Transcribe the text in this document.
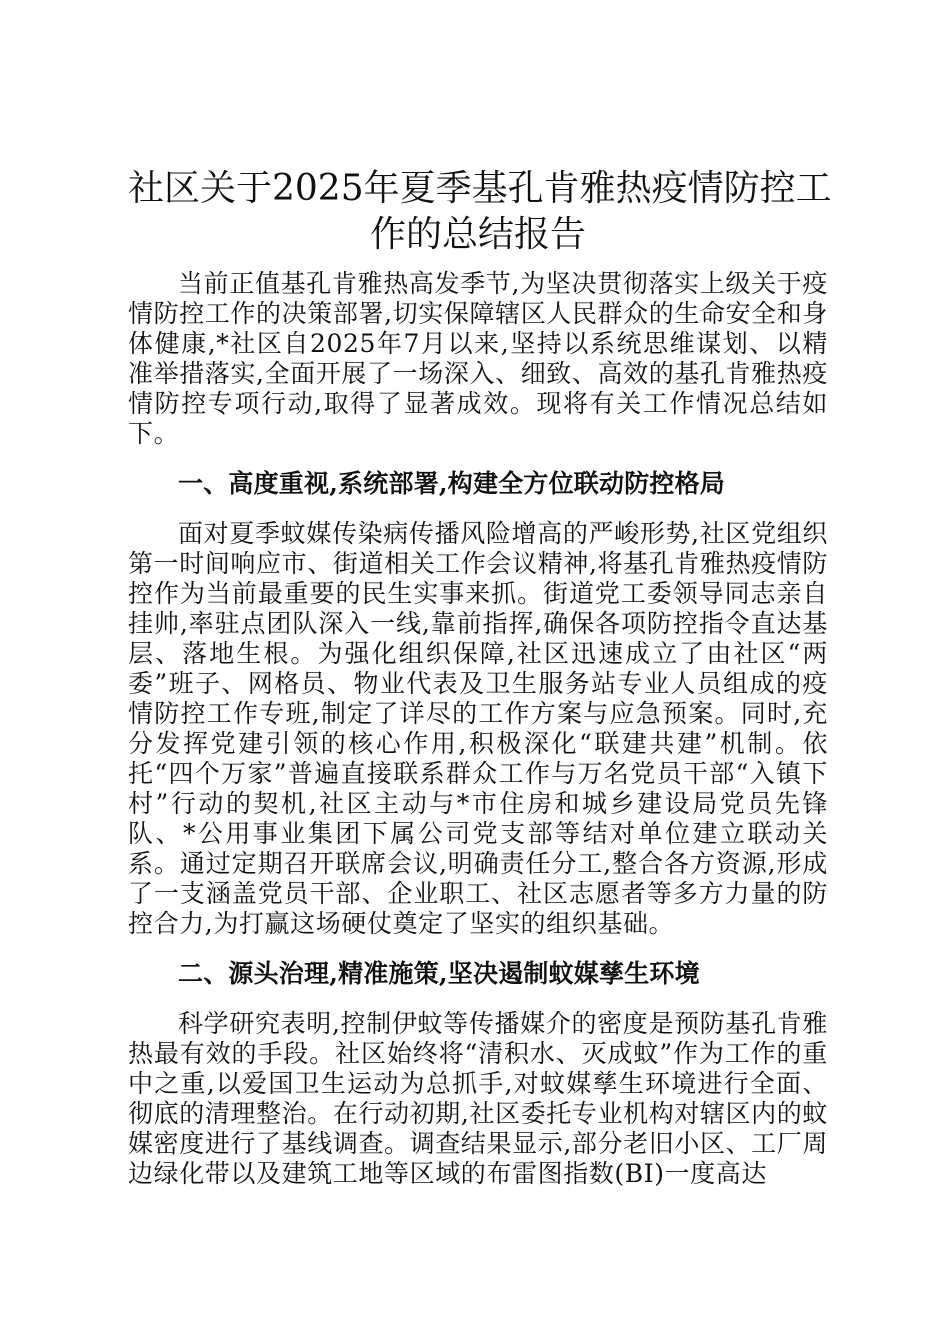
社区关于2025年夏季基孔肯雅热疫情防控工
作的总结报告

当前正值基孔肯雅热高发季节,为坚决贯彻落实上级关于疫情防控工作的决策部署,切实保障辖区人民群众的生命安全和身体健康,*社区自2025年7月以来,坚持以系统思维谋划、以精准举措落实,全面开展了一场深入、细致、高效的基孔肯雅热疫情防控专项行动,取得了显著成效。现将有关工作情况总结如下。

一、高度重视,系统部署,构建全方位联动防控格局

面对夏季蚊媒传染病传播风险增高的严峻形势,社区党组织第一时间响应市、街道相关工作会议精神,将基孔肯雅热疫情防控作为当前最重要的民生实事来抓。街道党工委领导同志亲自挂帅,率驻点团队深入一线,靠前指挥,确保各项防控指令直达基层、落地生根。为强化组织保障,社区迅速成立了由社区“两委”班子、网格员、物业代表及卫生服务站专业人员组成的疫情防控工作专班,制定了详尽的工作方案与应急预案。同时,充分发挥党建引领的核心作用,积极深化“联建共建”机制。依托“四个万家”普遍直接联系群众工作与万名党员干部“入镇下村”行动的契机,社区主动与*市住房和城乡建设局党员先锋队、*公用事业集团下属公司党支部等结对单位建立联动关系。通过定期召开联席会议,明确责任分工,整合各方资源,形成了一支涵盖党员干部、企业职工、社区志愿者等多方力量的防控合力,为打赢这场硬仗奠定了坚实的组织基础。

二、源头治理,精准施策,坚决遏制蚊媒孳生环境

科学研究表明,控制伊蚊等传播媒介的密度是预防基孔肯雅热最有效的手段。社区始终将“清积水、灭成蚊”作为工作的重中之重,以爱国卫生运动为总抓手,对蚊媒孳生环境进行全面、彻底的清理整治。在行动初期,社区委托专业机构对辖区内的蚊媒密度进行了基线调查。调查结果显示,部分老旧小区、工厂周边绿化带以及建筑工地等区域的布雷图指数(BI)一度高达
